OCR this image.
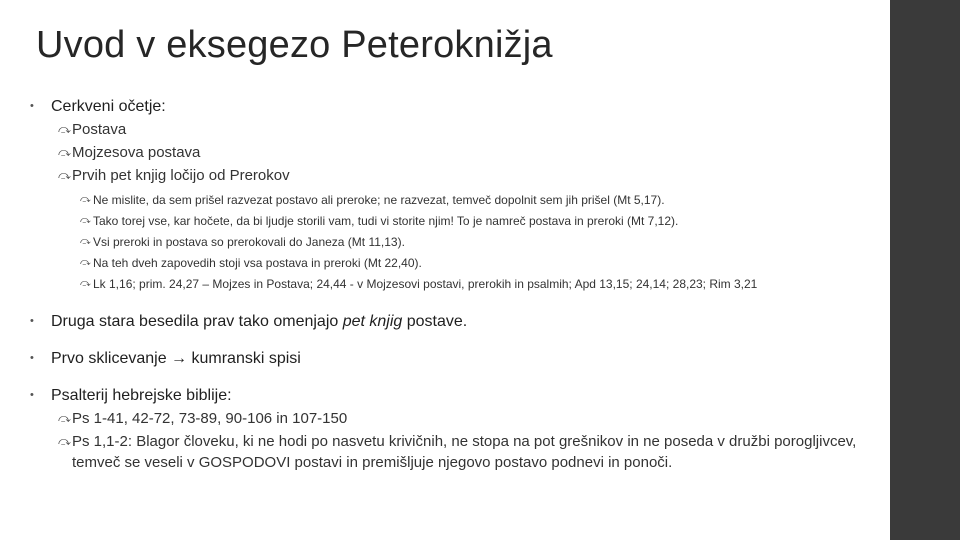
Uvod v eksegezo Peteroknižja
• Cerkveni očetje:
⤼ Postava
⤼ Mojzesova postava
⤼ Prvih pet knjig ločijo od Prerokov
⤼ Ne mislite, da sem prišel razvezat postavo ali preroke; ne razvezat, temveč dopolnit sem jih prišel (Mt 5,17).
⤼ Tako torej vse, kar hočete, da bi ljudje storili vam, tudi vi storite njim! To je namreč postava in preroki (Mt 7,12).
⤼ Vsi preroki in postava so prerokovali do Janeza (Mt 11,13).
⤼ Na teh dveh zapovedih stoji vsa postava in preroki (Mt 22,40).
⤼ Lk 1,16; prim. 24,27 – Mojzes in Postava; 24,44 - v Mojzesovi postavi, prerokih in psalmih; Apd 13,15; 24,14; 28,23; Rim 3,21
• Druga stara besedila prav tako omenjajo pet knjig postave.
• Prvo sklicevanje → kumranski spisi
• Psalterij hebrejske biblije:
⤼ Ps 1-41, 42-72, 73-89, 90-106 in 107-150
⤼ Ps 1,1-2: Blagor človeku, ki ne hodi po nasvetu krivičnih, ne stopa na pot grešnikov in ne poseda v družbi porogljivcev, temveč se veseli v GOSPODOVI postavi in premišljuje njegovo postavo podnevi in ponoči.
